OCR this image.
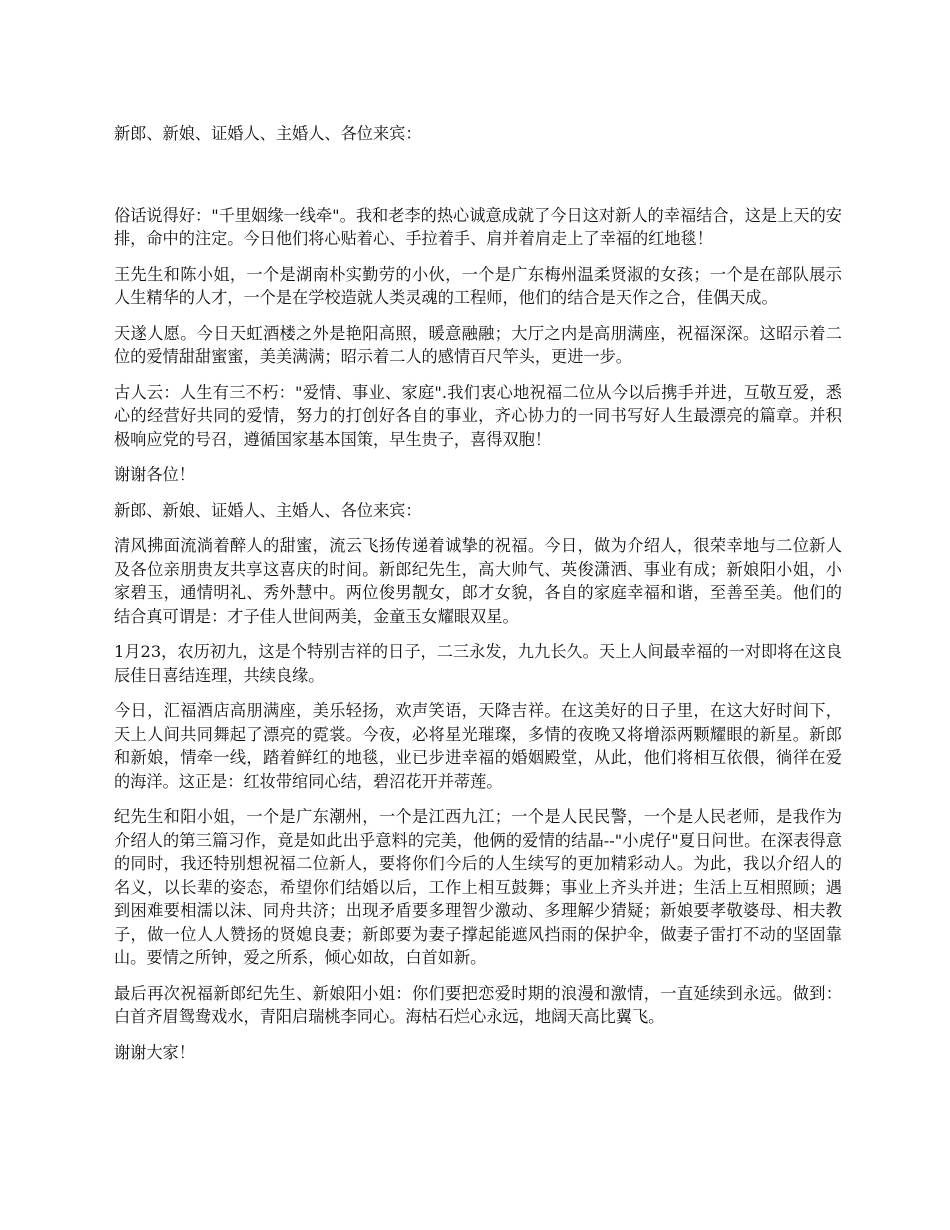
新郎、新娘、证婚人、主婚人、各位来宾：

俗话说得好："千里姻缘一线牵"。我和老李的热心诚意成就了今日这对新人的幸福结合，这是上天的安排，命中的注定。今日他们将心贴着心、手拉着手、肩并着肩走上了幸福的红地毯！

王先生和陈小姐，一个是湖南朴实勤劳的小伙，一个是广东梅州温柔贤淑的女孩；一个是在部队展示人生精华的人才，一个是在学校造就人类灵魂的工程师，他们的结合是天作之合，佳偶天成。

天遂人愿。今日天虹酒楼之外是艳阳高照，暖意融融；大厅之内是高朋满座，祝福深深。这昭示着二位的爱情甜甜蜜蜜，美美满满；昭示着二人的感情百尺竿头，更进一步。

古人云：人生有三不朽："爱情、事业、家庭".我们衷心地祝福二位从今以后携手并进，互敬互爱，悉心的经营好共同的爱情，努力的打创好各自的事业，齐心协力的一同书写好人生最漂亮的篇章。并积极响应党的号召，遵循国家基本国策，早生贵子，喜得双胞！

谢谢各位！

新郎、新娘、证婚人、主婚人、各位来宾：

清风拂面流淌着醉人的甜蜜，流云飞扬传递着诚挚的祝福。今日，做为介绍人，很荣幸地与二位新人及各位亲朋贵友共享这喜庆的时间。新郎纪先生，高大帅气、英俊潇洒、事业有成；新娘阳小姐，小家碧玉，通情明礼、秀外慧中。两位俊男靓女，郎才女貌，各自的家庭幸福和谐，至善至美。他们的结合真可谓是：才子佳人世间两美，金童玉女耀眼双星。

1月23，农历初九，这是个特别吉祥的日子，二三永发，九九长久。天上人间最幸福的一对即将在这良辰佳日喜结连理，共续良缘。

今日，汇福酒店高朋满座，美乐轻扬，欢声笑语，天降吉祥。在这美好的日子里，在这大好时间下，天上人间共同舞起了漂亮的霓裳。今夜，必将星光璀璨，多情的夜晚又将增添两颗耀眼的新星。新郎和新娘，情牵一线，踏着鲜红的地毯，业已步进幸福的婚姻殿堂，从此，他们将相互依偎，徜徉在爱的海洋。这正是：红妆带绾同心结，碧沼花开并蒂莲。

纪先生和阳小姐，一个是广东潮州，一个是江西九江；一个是人民民警，一个是人民老师，是我作为介绍人的第三篇习作，竟是如此出乎意料的完美，他俩的爱情的结晶--"小虎仔"夏日问世。在深表得意的同时，我还特别想祝福二位新人，要将你们今后的人生续写的更加精彩动人。为此，我以介绍人的名义，以长辈的姿态，希望你们结婚以后，工作上相互鼓舞；事业上齐头并进；生活上互相照顾；遇到困难要相濡以沫、同舟共济；出现矛盾要多理智少激动、多理解少猜疑；新娘要孝敬婆母、相夫教子，做一位人人赞扬的贤媳良妻；新郎要为妻子撑起能遮风挡雨的保护伞，做妻子雷打不动的坚固靠山。要情之所钟，爱之所系，倾心如故，白首如新。

最后再次祝福新郎纪先生、新娘阳小姐：你们要把恋爱时期的浪漫和激情，一直延续到永远。做到：白首齐眉鸳鸯戏水，青阳启瑞桃李同心。海枯石烂心永远，地阔天高比翼飞。

谢谢大家！
